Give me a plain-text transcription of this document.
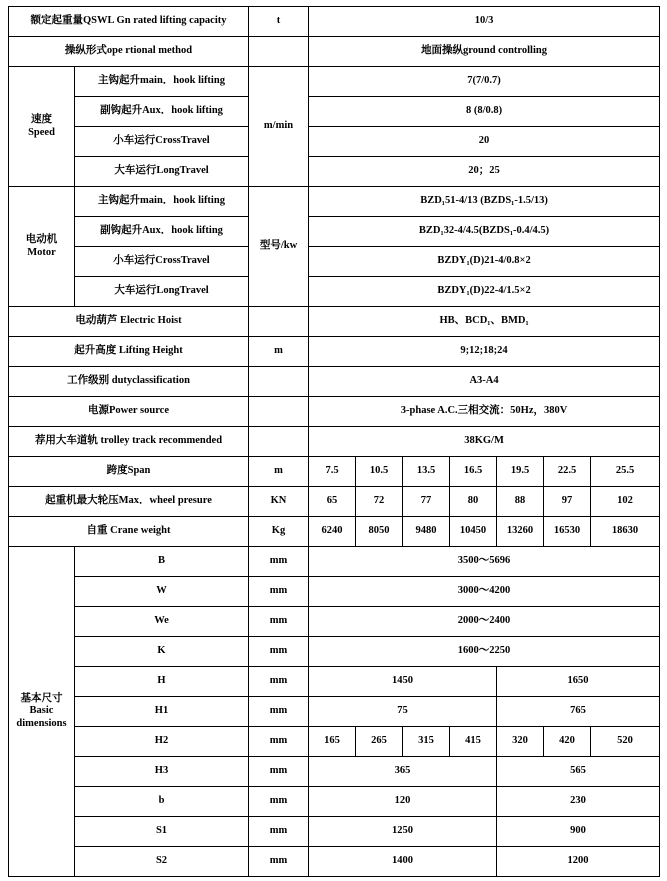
额定起重量QSWL Gn rated lifting capacity		t	10/3						
操纵形式ope rtional method			地面操纵ground controlling						

速度
Speed	主钩起升main．hook lifting	m/min	7(7/0.7)						
	副钩起升Aux．hook lifting		8 (8/0.8)						
	小车运行CrossTravel		20						
	大车运行LongTravel		20；25						

电动机
Motor	主钩起升main．hook lifting	型号/kw	BZD₁51-4/13 (BZDS₁-1.5/13)						
	副钩起升Aux．hook lifting		BZD₁32-4/4.5(BZDS₁-0.4/4.5)						
	小车运行CrossTravel		BZDY₁(D)21-4/0.8×2						
	大车运行LongTravel		BZDY₁(D)22-4/1.5×2						
电动葫芦 Electric Hoist			HB、BCD₁、BMD₁						
起升高度 Lifting Height		m	9;12;18;24						
工作级别 dutyclassification			A3-A4						
电源Power source			3-phase A.C.三相交流：50Hz，380V						
荐用大车道轨 trolley track recommended			38KG/M						
跨度Span		m	7.5	10.5	13.5	16.5	19.5	22.5	25.5
起重机最大轮压Max．wheel presure		KN	65	72	77	80	88	97	102
自重 Crane weight		Kg	6240	8050	9480	10450	13260	16530	18630

基本尺寸
Basic
dimensions	B	mm	3500～5696						
	W	mm	3000～4200						
	We	mm	2000～2400						
	K	mm	1600～2250						
	H	mm	1450				1650		
	H1	mm	75				765		
	H2	mm	165	265	315	415	320	420	520
	H3	mm	365				565		
	b	mm	120				230		
	S1	mm	1250				900		
	S2	mm	1400				1200		
